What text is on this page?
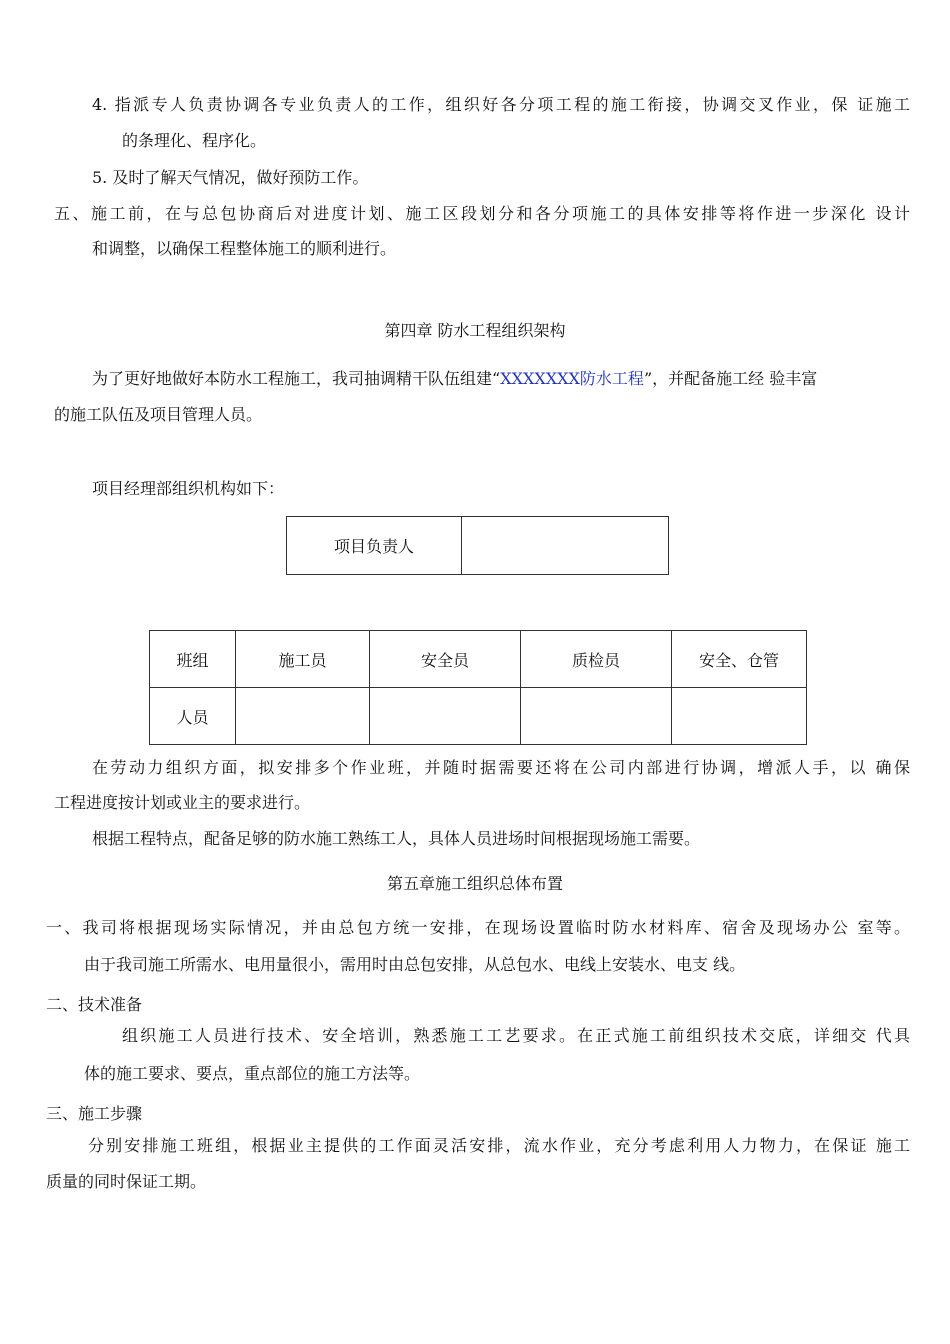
4. 指派专人负责协调各专业负责人的工作，组织好各分项工程的施工衔接，协调交叉作业，保 证施工
的条理化、程序化。
5. 及时了解天气情况，做好预防工作。
五、施工前，在与总包协商后对进度计划、施工区段划分和各分项施工的具体安排等将作进一步深化 设计
和调整，以确保工程整体施工的顺利进行。
第四章 防水工程组织架构
为了更好地做好本防水工程施工，我司抽调精干队伍组建“XXXXXXX防水工程”，并配备施工经 验丰富
的施工队伍及项目管理人员。
项目经理部组织机构如下：
项目负责人	
班组	施工员	安全员	质检员	安全、仓管
人员				
在劳动力组织方面，拟安排多个作业班，并随时据需要还将在公司内部进行协调，增派人手，以 确保
工程进度按计划或业主的要求进行。
根据工程特点，配备足够的防水施工熟练工人，具体人员进场时间根据现场施工需要。
第五章施工组织总体布置
一、我司将根据现场实际情况，并由总包方统一安排，在现场设置临时防水材料库、宿舍及现场办公 室等。
由于我司施工所需水、电用量很小，需用时由总包安排，从总包水、电线上安装水、电支 线。
二、技术准备
组织施工人员进行技术、安全培训，熟悉施工工艺要求。在正式施工前组织技术交底，详细交 代具
体的施工要求、要点，重点部位的施工方法等。
三、施工步骤
分别安排施工班组，根据业主提供的工作面灵活安排，流水作业，充分考虑利用人力物力，在保证 施工
质量的同时保证工期。
